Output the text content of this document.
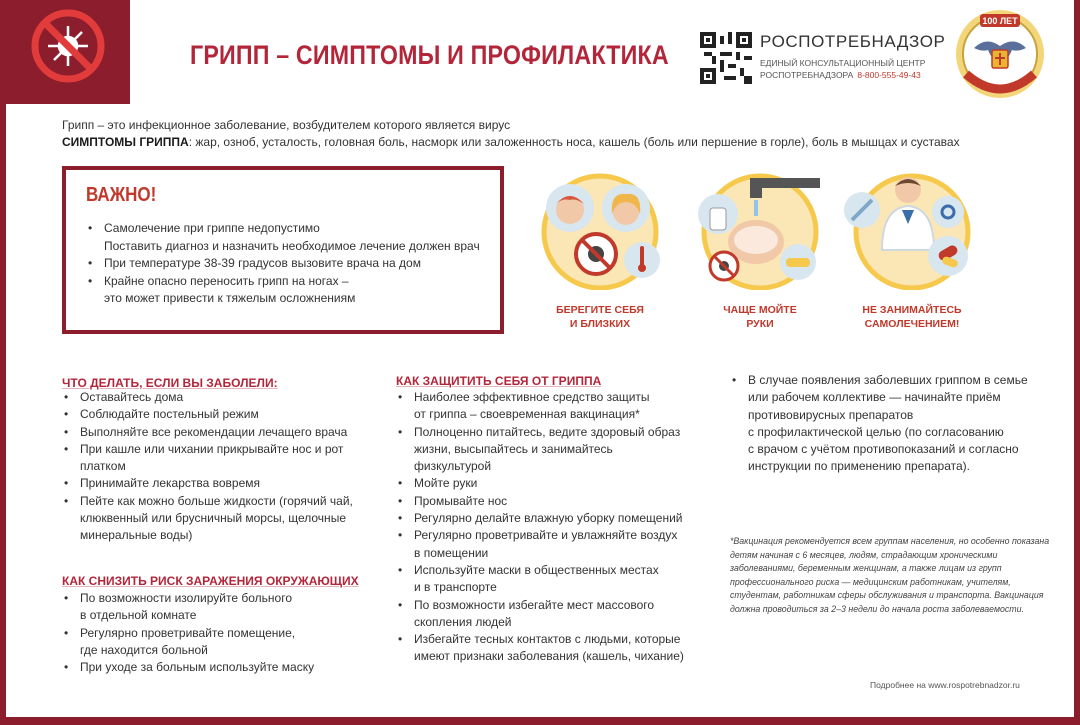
ГРИПП – СИМПТОМЫ И ПРОФИЛАКТИКА	РОСПОТРЕБНАДЗОР
ЕДИНЫЙ КОНСУЛЬТАЦИОННЫЙ ЦЕНТР
РОСПОТРЕБНАДЗОРА 8-800-555-49-43
100 ЛЕТ
Грипп – это инфекционное заболевание, возбудителем которого является вирус
СИМПТОМЫ ГРИППА: жар, озноб, усталость, головная боль, насморк или заложенность носа, кашель (боль или першение в горле), боль в мышцах и суставах
ВАЖНО!
• Самолечение при гриппе недопустимо
Поставить диагноз и назначить необходимое лечение должен врач
• При температуре 38-39 градусов вызовите врача на дом
• Крайне опасно переносить грипп на ногах –
это может привести к тяжелым осложнениям
БЕРЕГИТЕ СЕБЯ
И БЛИЗКИХ
ЧАЩЕ МОЙТЕ
РУКИ
НЕ ЗАНИМАЙТЕСЬ
САМОЛЕЧЕНИЕМ!
ЧТО ДЕЛАТЬ, ЕСЛИ ВЫ ЗАБОЛЕЛИ:
• Оставайтесь дома
• Соблюдайте постельный режим
• Выполняйте все рекомендации лечащего врача
• При кашле или чихании прикрывайте нос и рот
платком
• Принимайте лекарства вовремя
• Пейте как можно больше жидкости (горячий чай,
клюквенный или брусничный морсы, щелочные
минеральные воды)
КАК СНИЗИТЬ РИСК ЗАРАЖЕНИЯ ОКРУЖАЮЩИХ
• По возможности изолируйте больного
в отдельной комнате
• Регулярно проветривайте помещение,
где находится больной
• При уходе за больным используйте маску
КАК ЗАЩИТИТЬ СЕБЯ ОТ ГРИППА
• Наиболее эффективное средство защиты
от гриппа – своевременная вакцинация*
• Полноценно питайтесь, ведите здоровый образ
жизни, высыпайтесь и занимайтесь
физкультурой
• Мойте руки
• Промывайте нос
• Регулярно делайте влажную уборку помещений
• Регулярно проветривайте и увлажняйте воздух
в помещении
• Используйте маски в общественных местах
и в транспорте
• По возможности избегайте мест массового
скопления людей
• Избегайте тесных контактов с людьми, которые
имеют признаки заболевания (кашель, чихание)
• В случае появления заболевших гриппом в семье
или рабочем коллективе — начинайте приём
противовирусных препаратов
с профилактической целью (по согласованию
с врачом с учётом противопоказаний и согласно
инструкции по применению препарата).
*Вакцинация рекомендуется всем группам населения, но особенно показана детям начиная с 6 месяцев, людям, страдающим хроническими заболеваниями, беременным женщинам, а также лицам из групп профессионального риска — медицинским работникам, учителям, студентам, работникам сферы обслуживания и транспорта. Вакцинация должна проводиться за 2–3 недели до начала роста заболеваемости.
Подробнее на www.rospotrebnadzor.ru
